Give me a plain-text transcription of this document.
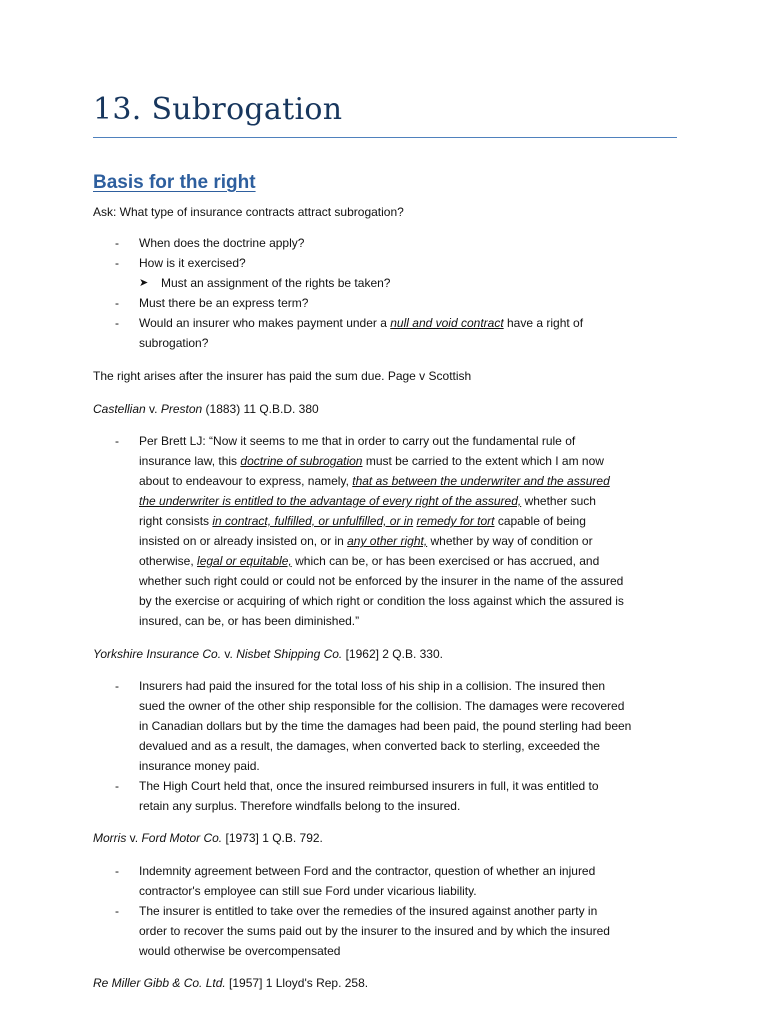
13. Subrogation
Basis for the right

Ask: What type of insurance contracts attract subrogation?

- When does the doctrine apply?
- How is it exercised?
➤ Must an assignment of the rights be taken?
- Must there be an express term?
- Would an insurer who makes payment under a null and void contract have a right of
subrogation?

The right arises after the insurer has paid the sum due. Page v Scottish

Castellian v. Preston (1883) 11 Q.B.D. 380

- Per Brett LJ: “Now it seems to me that in order to carry out the fundamental rule of
insurance law, this doctrine of subrogation must be carried to the extent which I am now
about to endeavour to express, namely, that as between the underwriter and the assured
the underwriter is entitled to the advantage of every right of the assured, whether such
right consists in contract, fulfilled, or unfulfilled, or in remedy for tort capable of being
insisted on or already insisted on, or in any other right, whether by way of condition or
otherwise, legal or equitable, which can be, or has been exercised or has accrued, and
whether such right could or could not be enforced by the insurer in the name of the assured
by the exercise or acquiring of which right or condition the loss against which the assured is
insured, can be, or has been diminished.”

Yorkshire Insurance Co. v. Nisbet Shipping Co. [1962] 2 Q.B. 330.

- Insurers had paid the insured for the total loss of his ship in a collision. The insured then
sued the owner of the other ship responsible for the collision. The damages were recovered
in Canadian dollars but by the time the damages had been paid, the pound sterling had been
devalued and as a result, the damages, when converted back to sterling, exceeded the
insurance money paid.
- The High Court held that, once the insured reimbursed insurers in full, it was entitled to
retain any surplus. Therefore windfalls belong to the insured.

Morris v. Ford Motor Co. [1973] 1 Q.B. 792.

- Indemnity agreement between Ford and the contractor, question of whether an injured
contractor's employee can still sue Ford under vicarious liability.
- The insurer is entitled to take over the remedies of the insured against another party in
order to recover the sums paid out by the insurer to the insured and by which the insured
would otherwise be overcompensated

Re Miller Gibb & Co. Ltd. [1957] 1 Lloyd's Rep. 258.
